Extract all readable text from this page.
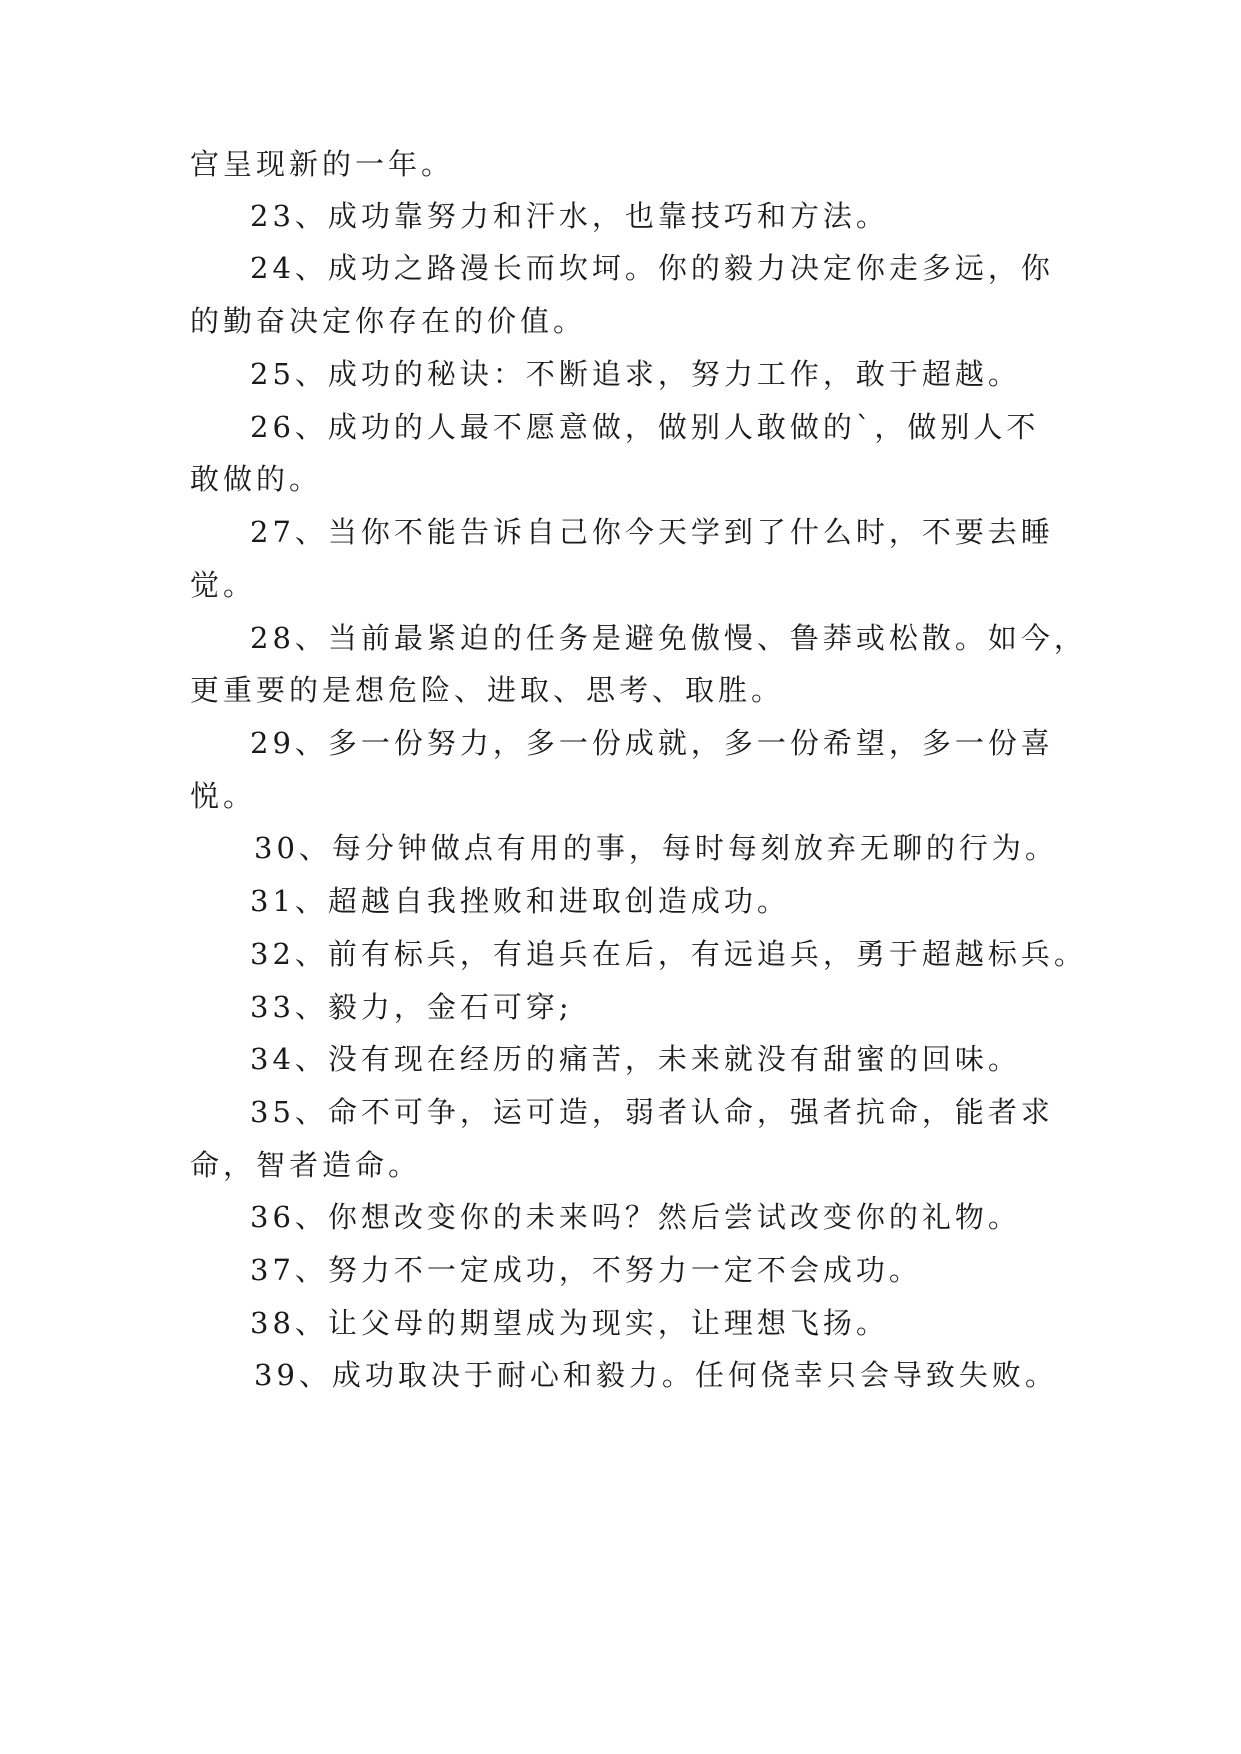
宫呈现新的一年。
23、成功靠努力和汗水，也靠技巧和方法。
24、成功之路漫长而坎坷。你的毅力决定你走多远，你
的勤奋决定你存在的价值。
25、成功的秘诀：不断追求，努力工作，敢于超越。
26、成功的人最不愿意做，做别人敢做的`，做别人不
敢做的。
27、当你不能告诉自己你今天学到了什么时，不要去睡
觉。
28、当前最紧迫的任务是避免傲慢、鲁莽或松散。如今，
更重要的是想危险、进取、思考、取胜。
29、多一份努力，多一份成就，多一份希望，多一份喜
悦。
30、每分钟做点有用的事，每时每刻放弃无聊的行为。
31、超越自我挫败和进取创造成功。
32、前有标兵，有追兵在后，有远追兵，勇于超越标兵。
33、毅力，金石可穿;
34、没有现在经历的痛苦，未来就没有甜蜜的回味。
35、命不可争，运可造，弱者认命，强者抗命，能者求
命，智者造命。
36、你想改变你的未来吗？然后尝试改变你的礼物。
37、努力不一定成功，不努力一定不会成功。
38、让父母的期望成为现实，让理想飞扬。
39、成功取决于耐心和毅力。任何侥幸只会导致失败。
